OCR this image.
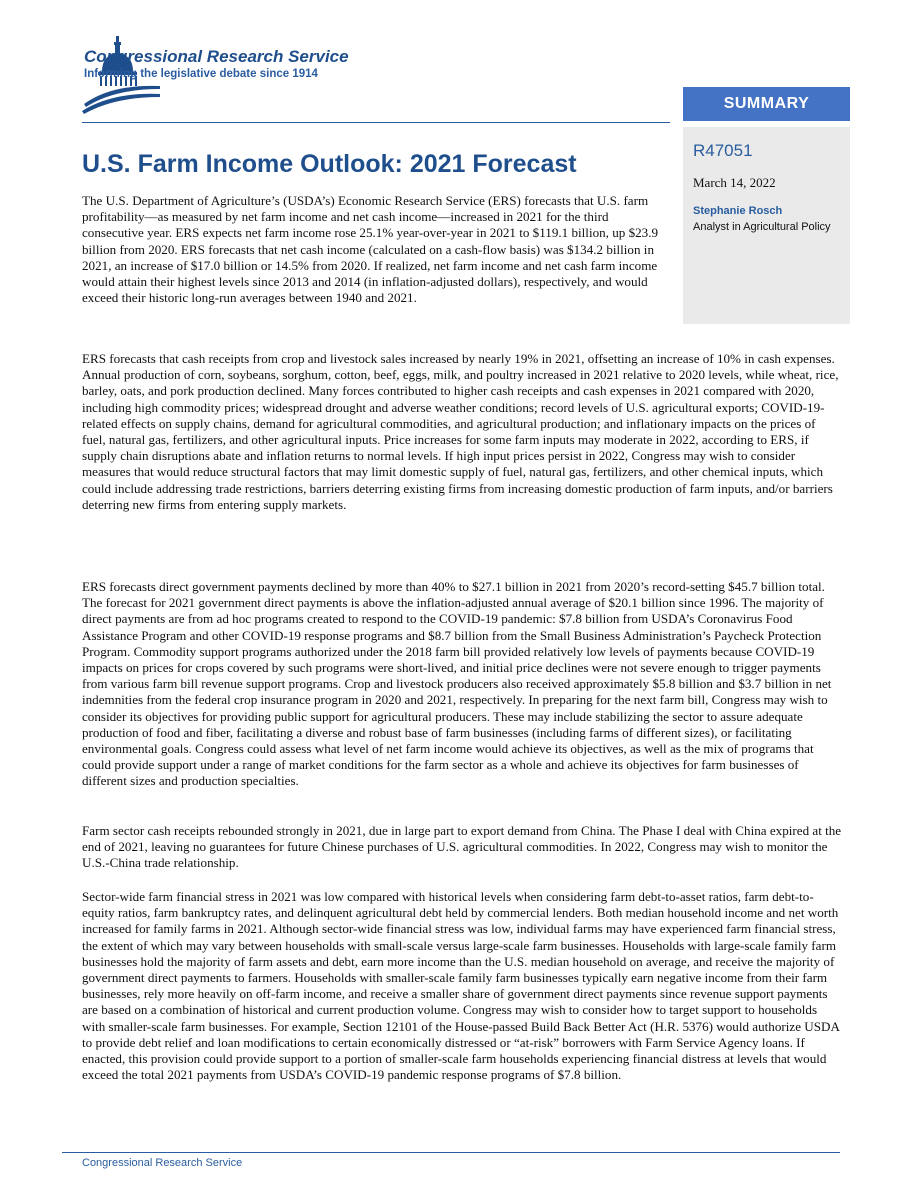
Congressional Research Service
Informing the legislative debate since 1914
SUMMARY
R47051
March 14, 2022
Stephanie Rosch
Analyst in Agricultural Policy
U.S. Farm Income Outlook: 2021 Forecast

The U.S. Department of Agriculture’s (USDA’s) Economic Research Service (ERS) forecasts that U.S. farm profitability—as measured by net farm income and net cash income—increased in 2021 for the third consecutive year. ERS expects net farm income rose 25.1% year-over-year in 2021 to $119.1 billion, up $23.9 billion from 2020. ERS forecasts that net cash income (calculated on a cash-flow basis) was $134.2 billion in 2021, an increase of $17.0 billion or 14.5% from 2020. If realized, net farm income and net cash farm income would attain their highest levels since 2013 and 2014 (in inflation-adjusted dollars), respectively, and would exceed their historic long-run averages between 1940 and 2021.

ERS forecasts that cash receipts from crop and livestock sales increased by nearly 19% in 2021, offsetting an increase of 10% in cash expenses. Annual production of corn, soybeans, sorghum, cotton, beef, eggs, milk, and poultry increased in 2021 relative to 2020 levels, while wheat, rice, barley, oats, and pork production declined. Many forces contributed to higher cash receipts and cash expenses in 2021 compared with 2020, including high commodity prices; widespread drought and adverse weather conditions; record levels of U.S. agricultural exports; COVID-19-related effects on supply chains, demand for agricultural commodities, and agricultural production; and inflationary impacts on the prices of fuel, natural gas, fertilizers, and other agricultural inputs. Price increases for some farm inputs may moderate in 2022, according to ERS, if supply chain disruptions abate and inflation returns to normal levels. If high input prices persist in 2022, Congress may wish to consider measures that would reduce structural factors that may limit domestic supply of fuel, natural gas, fertilizers, and other chemical inputs, which could include addressing trade restrictions, barriers deterring existing firms from increasing domestic production of farm inputs, and/or barriers deterring new firms from entering supply markets.

ERS forecasts direct government payments declined by more than 40% to $27.1 billion in 2021 from 2020’s record-setting $45.7 billion total. The forecast for 2021 government direct payments is above the inflation-adjusted annual average of $20.1 billion since 1996. The majority of direct payments are from ad hoc programs created to respond to the COVID-19 pandemic: $7.8 billion from USDA’s Coronavirus Food Assistance Program and other COVID-19 response programs and $8.7 billion from the Small Business Administration’s Paycheck Protection Program. Commodity support programs authorized under the 2018 farm bill provided relatively low levels of payments because COVID-19 impacts on prices for crops covered by such programs were short-lived, and initial price declines were not severe enough to trigger payments from various farm bill revenue support programs. Crop and livestock producers also received approximately $5.8 billion and $3.7 billion in net indemnities from the federal crop insurance program in 2020 and 2021, respectively. In preparing for the next farm bill, Congress may wish to consider its objectives for providing public support for agricultural producers. These may include stabilizing the sector to assure adequate production of food and fiber, facilitating a diverse and robust base of farm businesses (including farms of different sizes), or facilitating environmental goals. Congress could assess what level of net farm income would achieve its objectives, as well as the mix of programs that could provide support under a range of market conditions for the farm sector as a whole and achieve its objectives for farm businesses of different sizes and production specialties.

Farm sector cash receipts rebounded strongly in 2021, due in large part to export demand from China. The Phase I deal with China expired at the end of 2021, leaving no guarantees for future Chinese purchases of U.S. agricultural commodities. In 2022, Congress may wish to monitor the U.S.-China trade relationship.

Sector-wide farm financial stress in 2021 was low compared with historical levels when considering farm debt-to-asset ratios, farm debt-to-equity ratios, farm bankruptcy rates, and delinquent agricultural debt held by commercial lenders. Both median household income and net worth increased for family farms in 2021. Although sector-wide financial stress was low, individual farms may have experienced farm financial stress, the extent of which may vary between households with small-scale versus large-scale farm businesses. Households with large-scale family farm businesses hold the majority of farm assets and debt, earn more income than the U.S. median household on average, and receive the majority of government direct payments to farmers. Households with smaller-scale family farm businesses typically earn negative income from their farm businesses, rely more heavily on off-farm income, and receive a smaller share of government direct payments since revenue support payments are based on a combination of historical and current production volume. Congress may wish to consider how to target support to households with smaller-scale farm businesses. For example, Section 12101 of the House-passed Build Back Better Act (H.R. 5376) would authorize USDA to provide debt relief and loan modifications to certain economically distressed or “at-risk” borrowers with Farm Service Agency loans. If enacted, this provision could provide support to a portion of smaller-scale farm households experiencing financial distress at levels that would exceed the total 2021 payments from USDA’s COVID-19 pandemic response programs of $7.8 billion.

Congressional Research Service
